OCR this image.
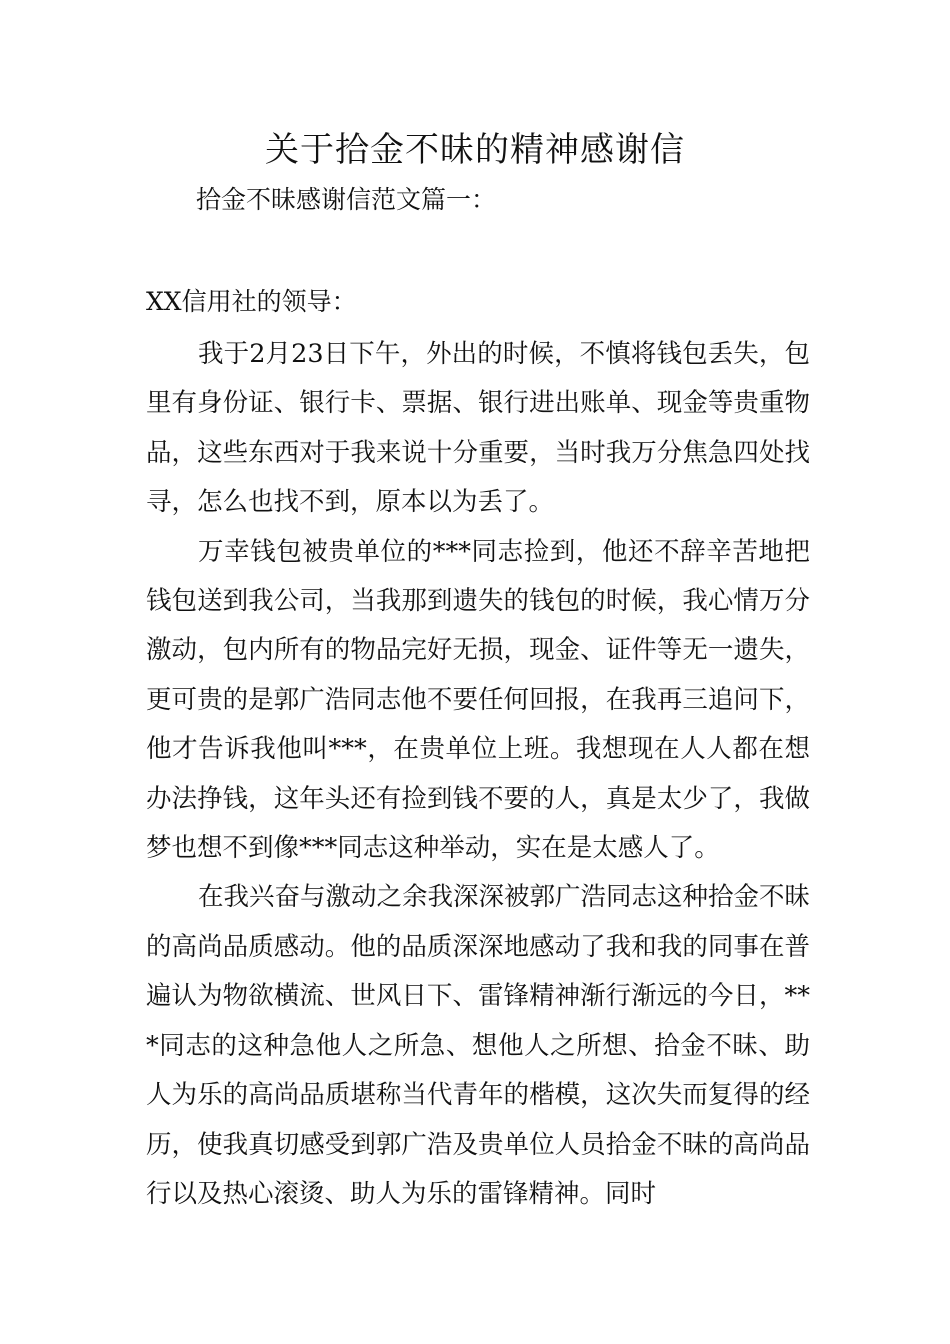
关于拾金不昧的精神感谢信

拾金不昧感谢信范文篇一：

XX信用社的领导：

我于2月23日下午，外出的时候，不慎将钱包丢失，包里有身份证、银行卡、票据、银行进出账单、现金等贵重物品，这些东西对于我来说十分重要，当时我万分焦急四处找寻，怎么也找不到，原本以为丢了。

万幸钱包被贵单位的***同志捡到，他还不辞辛苦地把钱包送到我公司，当我那到遗失的钱包的时候，我心情万分激动，包内所有的物品完好无损，现金、证件等无一遗失，更可贵的是郭广浩同志他不要任何回报，在我再三追问下，他才告诉我他叫***，在贵单位上班。我想现在人人都在想办法挣钱，这年头还有捡到钱不要的人，真是太少了，我做梦也想不到像***同志这种举动，实在是太感人了。

在我兴奋与激动之余我深深被郭广浩同志这种拾金不昧的高尚品质感动。他的品质深深地感动了我和我的同事在普遍认为物欲横流、世风日下、雷锋精神渐行渐远的今日，***同志的这种急他人之所急、想他人之所想、拾金不昧、助人为乐的高尚品质堪称当代青年的楷模，这次失而复得的经历，使我真切感受到郭广浩及贵单位人员拾金不昧的高尚品行以及热心滚烫、助人为乐的雷锋精神。同时
